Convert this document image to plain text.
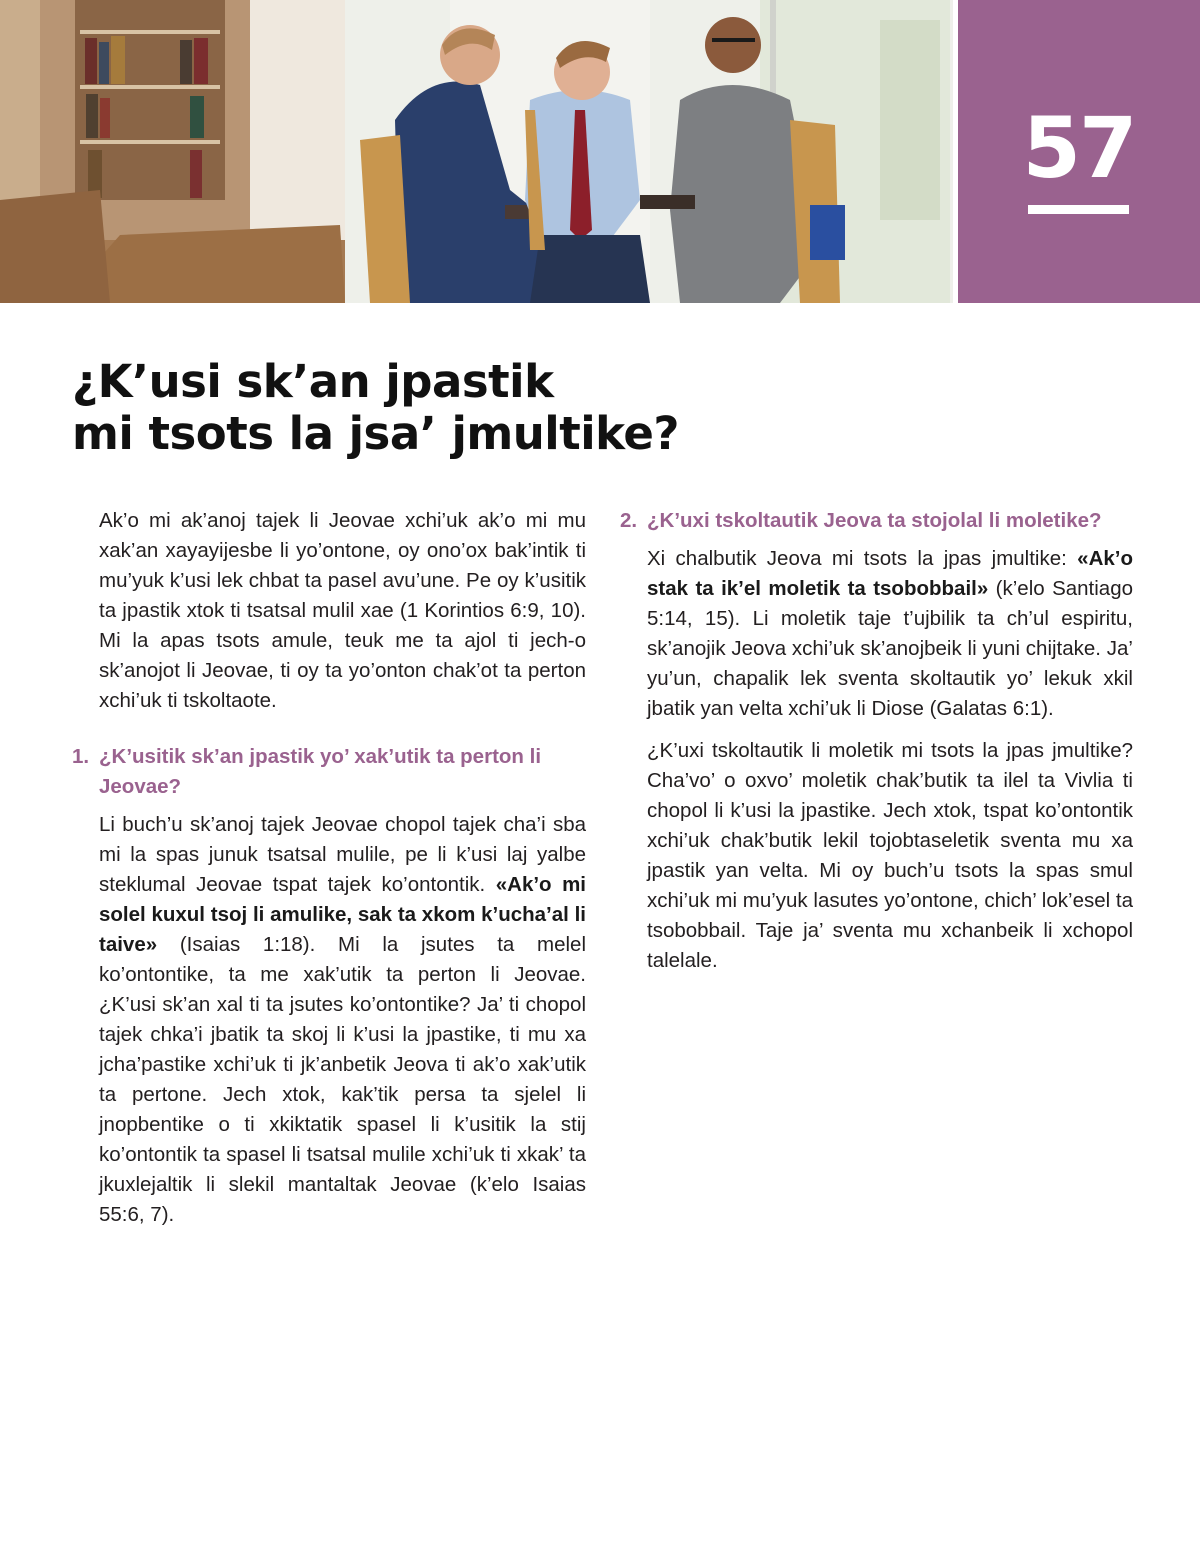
57
¿K’usi sk’an jpastik
mi tsots la jsa’ jmultike?

Ak’o mi ak’anoj tajek li Jeovae xchi’uk ak’o mi mu xak’an xayayijesbe li yo’ontone, oy ono’ox bak’intik ti mu’yuk k’usi lek chbat ta pasel avu’une. Pe oy k’usitik ta jpastik xtok ti tsatsal mulil xae (1 Korintios 6:9, 10). Mi la apas tsots amule, teuk me ta ajol ti jech-o sk’anojot li Jeovae, ti oy ta yo’onton chak’ot ta perton xchi’uk ti tskoltaote.

1. ¿K’usitik sk’an jpastik yo’ xak’utik ta perton li Jeovae?

Li buch’u sk’anoj tajek Jeovae chopol tajek cha’i sba mi la spas junuk tsatsal mulile, pe li k’usi laj yalbe steklumal Jeovae tspat tajek ko’ontontik. «Ak’o mi solel kuxul tsoj li amulike, sak ta xkom k’ucha’al li taive» (Isaias 1:18). Mi la jsutes ta melel ko’ontontike, ta me xak’utik ta perton li Jeovae. ¿K’usi sk’an xal ti ta jsutes ko’ontontike? Ja’ ti chopol tajek chka’i jbatik ta skoj li k’usi la jpastike, ti mu xa jcha’pastike xchi’uk ti jk’anbetik Jeova ti ak’o xak’utik ta pertone. Jech xtok, kak’tik persa ta sjelel li jnopbentike o ti xkiktatik spasel li k’usitik la stij ko’ontontik ta spasel li tsatsal mulile xchi’uk ti xkak’ ta jkuxlejaltik li slekil mantaltak Jeovae (k’elo Isaias 55:6, 7).

2. ¿K’uxi tskoltautik Jeova ta stojolal li moletike?

Xi chalbutik Jeova mi tsots la jpas jmultike: «Ak’o stak ta ik’el moletik ta tsobobbail» (k’elo Santiago 5:14, 15). Li moletik taje t’ujbilik ta ch’ul espiritu, sk’anojik Jeova xchi’uk sk’anojbeik li yuni chijtake. Ja’ yu’un, chapalik lek sventa skoltautik yo’ lekuk xkil jbatik yan velta xchi’uk li Diose (Galatas 6:1).

¿K’uxi tskoltautik li moletik mi tsots la jpas jmultike? Cha’vo’ o oxvo’ moletik chak’butik ta ilel ta Vivlia ti chopol li k’usi la jpastike. Jech xtok, tspat ko’ontontik xchi’uk chak’butik lekil tojobtaseletik sventa mu xa jpastik yan velta. Mi oy buch’u tsots la spas smul xchi’uk mi mu’yuk lasutes yo’ontone, chich’ lok’esel ta tsobobbail. Taje ja’ sventa mu xchanbeik li xchopol talelale.
